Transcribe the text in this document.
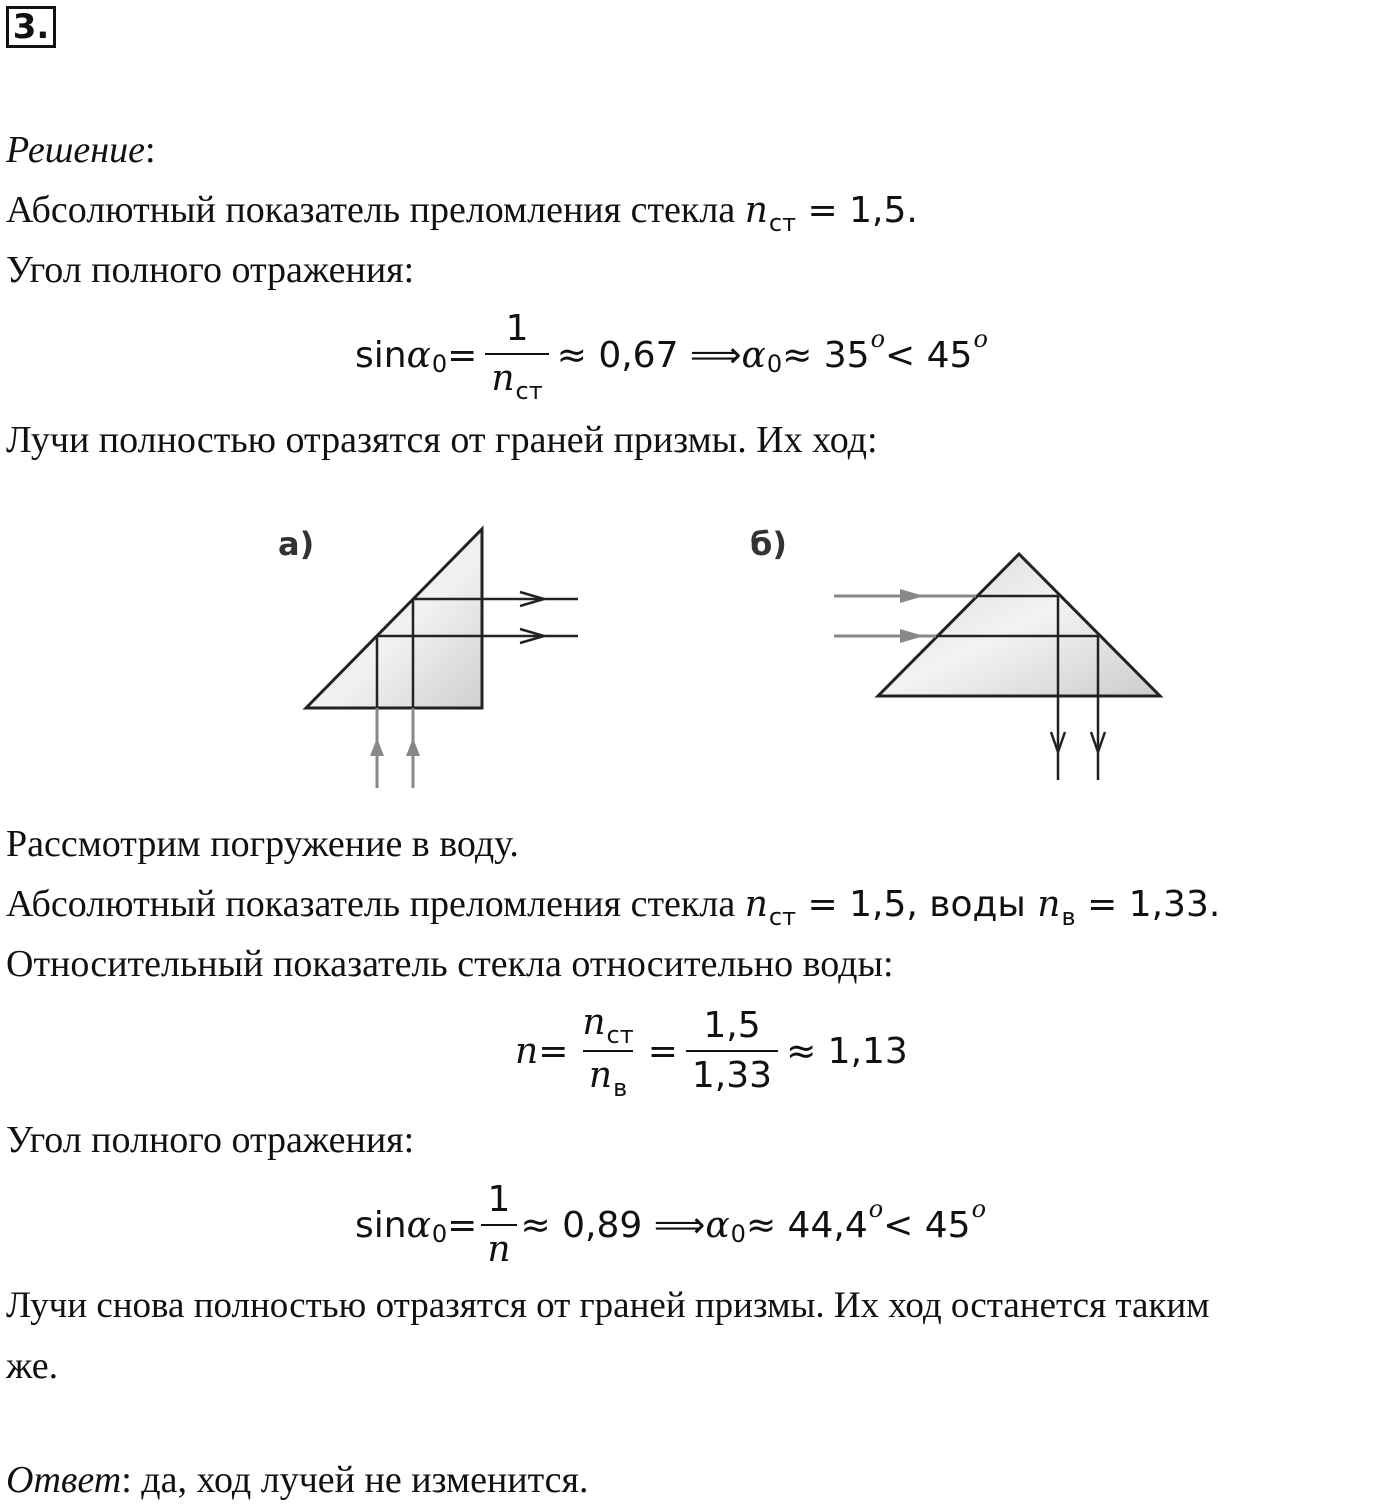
3.
Решение:
Абсолютный показатель преломления стекла $n_{ст} = 1,5$.
Угол полного отражения:
sin α $0 = \frac{1}{n_{ст}} \approx 0,67$ ⟹ α 0 ≈ 35 o < 45 o
Лучи полностью отразятся от граней призмы. Их ход:
а)	б)
Рассмотрим погружение в воду.
Абсолютный показатель преломления стекла $n_{ст} = 1,5$, воды $n_в = 1,33$.
Относительный показатель стекла относительно воды:
$n = \frac{n_{ст}}{n_в} = \frac{1,5}{1,33} \approx 1,13$
Угол полного отражения:
sin α $0 = \frac{1}{n} \approx 0,89$ ⟹ α 0 ≈ 44,4 o < 45 o
Лучи снова полностью отразятся от граней призмы. Их ход останется таким
же.
Ответ: да, ход лучей не изменится.
